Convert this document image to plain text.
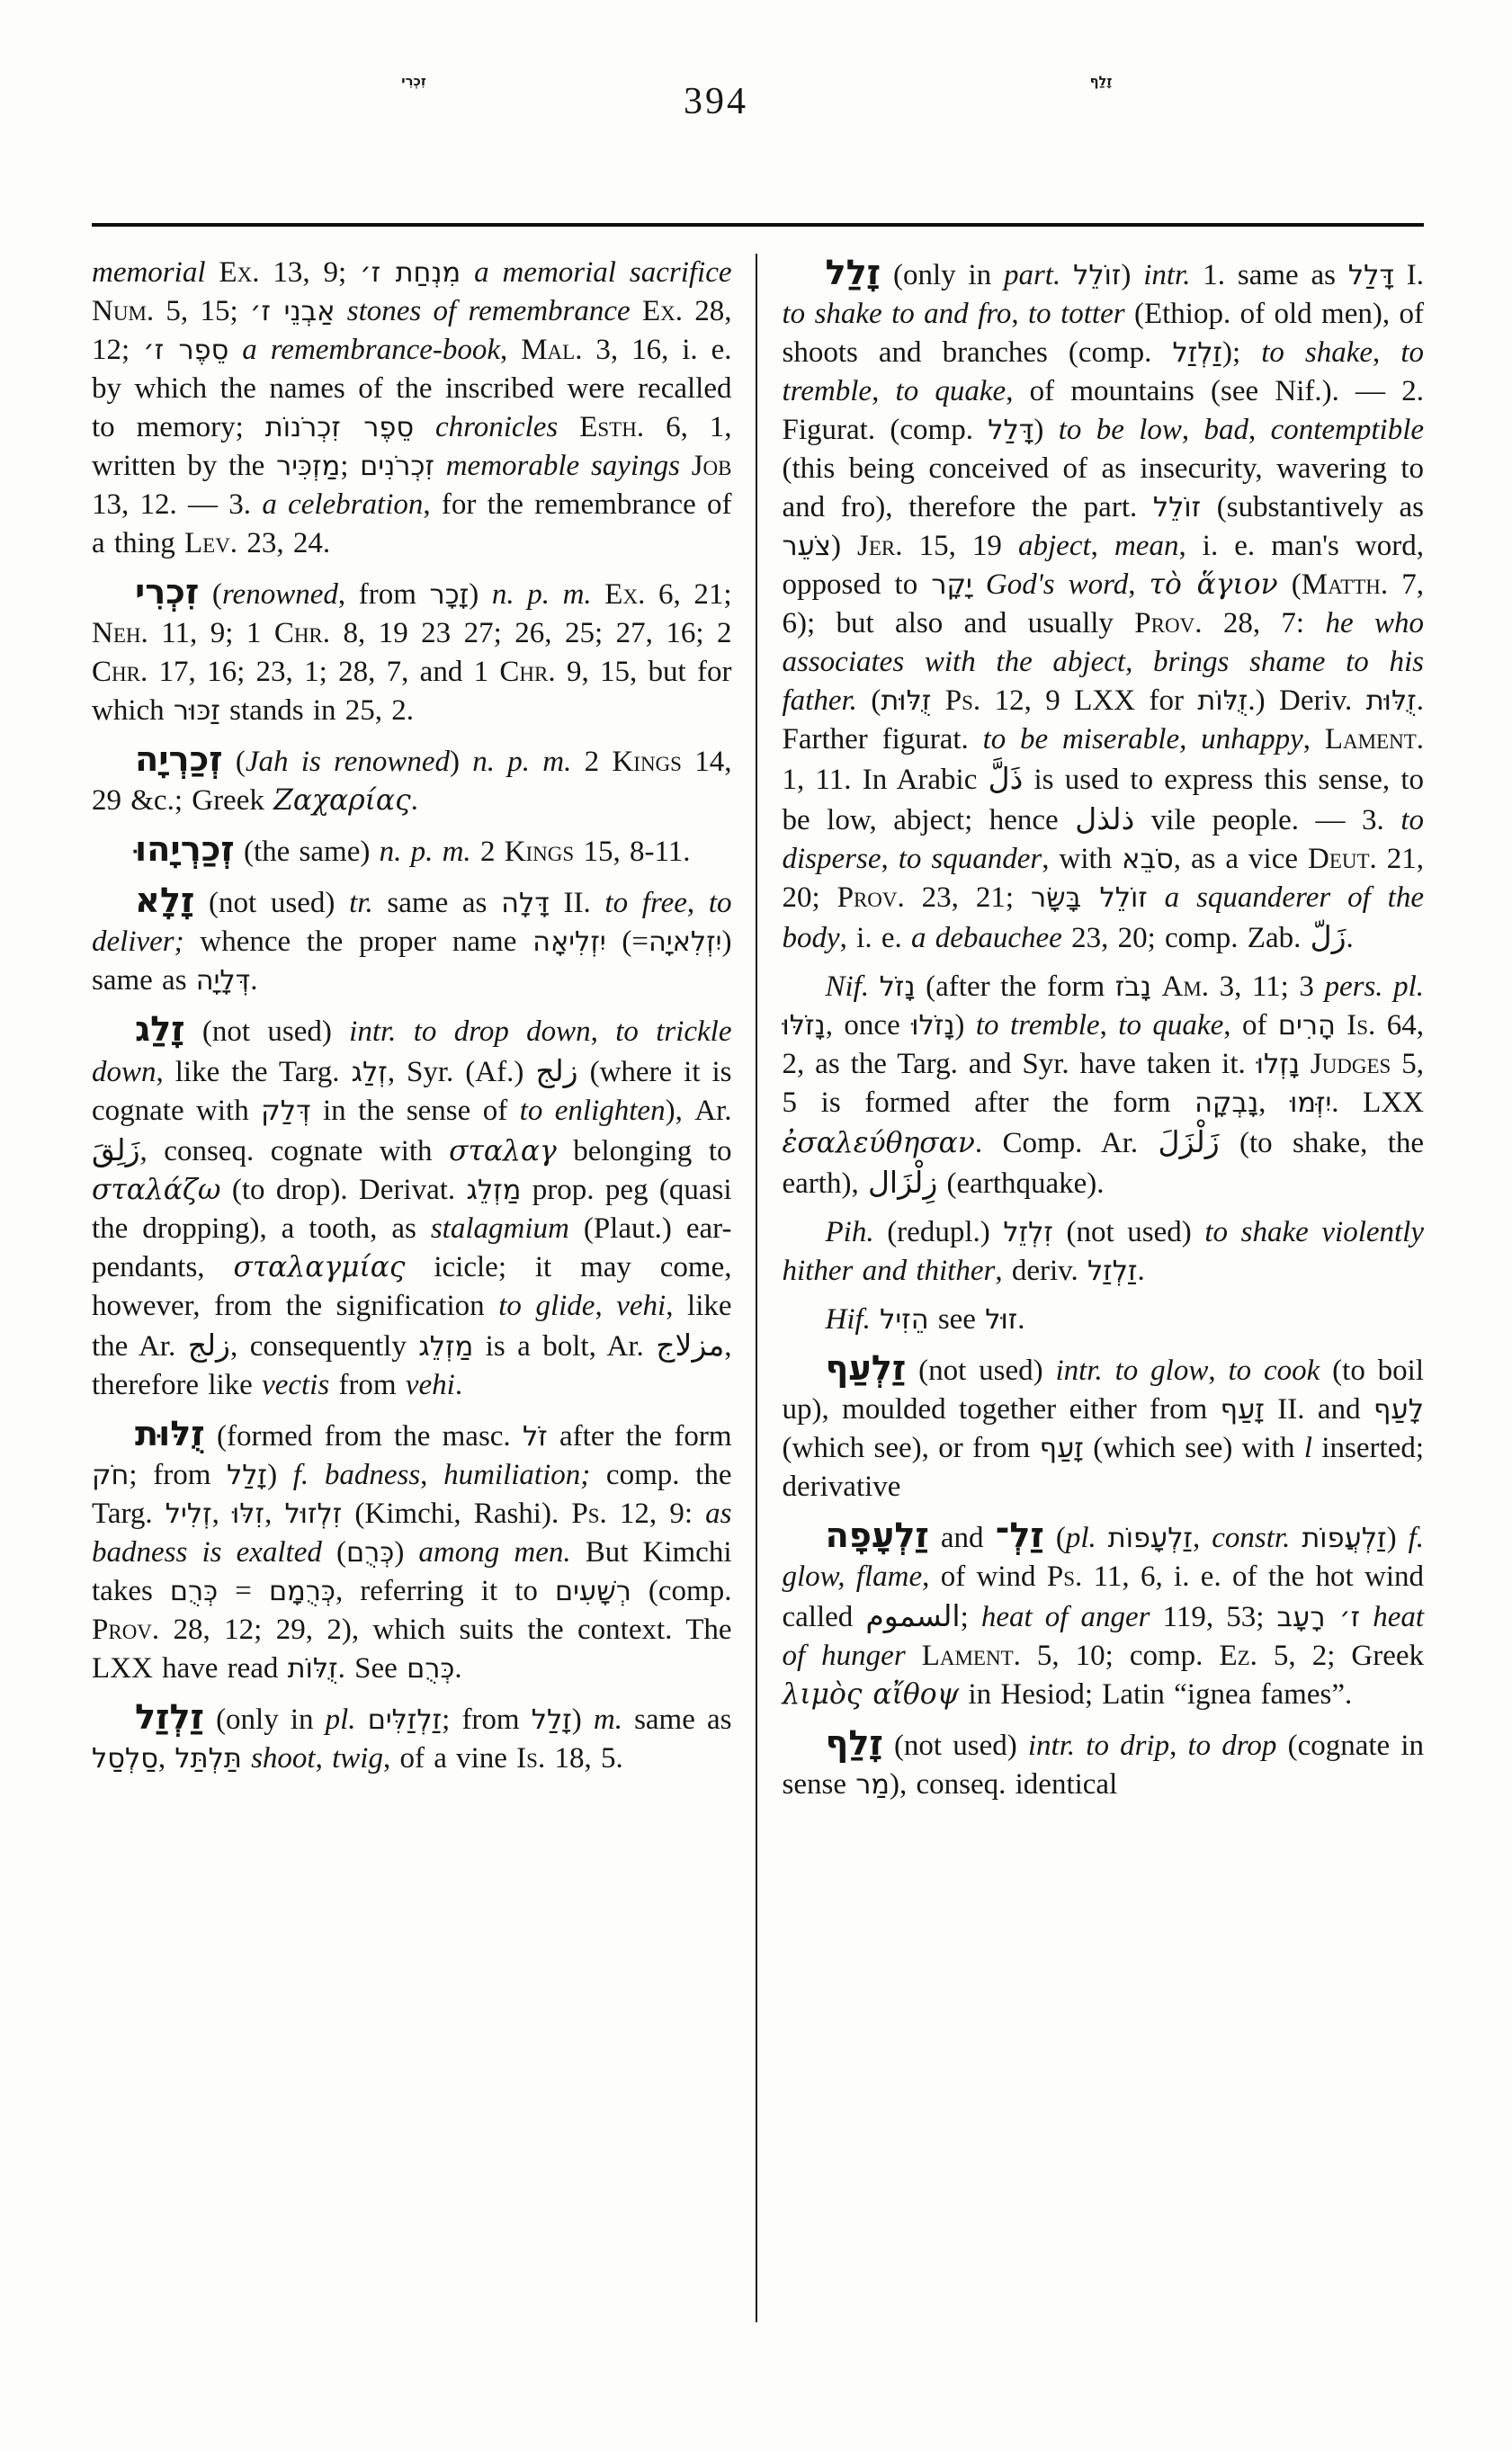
זִכְרִי	394	זָלַף

memorial Ex. 13, 9; מִנְחַת ז׳ a memorial sacrifice Num. 5, 15; אַבְנֵי ז׳ stones of remembrance Ex. 28, 12; סֵפֶר ז׳ a remembrance-book, Mal. 3, 16, i. e. by which the names of the inscribed were recalled to memory; סֵפֶר זִכְרֹנוֹת chronicles Esth. 6, 1, written by the מַזְכִּיר; זִכְרֹנִים memorable sayings Job 13, 12. — 3. a celebration, for the remembrance of a thing Lev. 23, 24.

זִכְרִי (renowned, from זָכָר) n. p. m. Ex. 6, 21; Neh. 11, 9; 1 Chr. 8, 19 23 27; 26, 25; 27, 16; 2 Chr. 17, 16; 23, 1; 28, 7, and 1 Chr. 9, 15, but for which זַכּוּר stands in 25, 2.

זְכַרְיָה (Jah is renowned) n. p. m. 2 Kings 14, 29 &c.; Greek Ζαχαρίας.

זְכַרְיָהוּ (the same) n. p. m. 2 Kings 15, 8-11.

זָלָא (not used) tr. same as דָּלָה II. to free, to deliver; whence the proper name יִזְלִיאָה (=יִזְלִאיָה) same as דְּלָיָה.

זָלַג (not used) intr. to drop down, to trickle down, like the Targ. זְלַג, Syr. (Af.) زلج (where it is cognate with דְּלַק in the sense of to enlighten), Ar. زَلِقَ, conseq. cognate with σταλαγ belonging to σταλάζω (to drop). Derivat. מַזְלֵג prop. peg (quasi the dropping), a tooth, as stalagmium (Plaut.) ear-pendants, σταλαγμίας icicle; it may come, however, from the signification to glide, vehi, like the Ar. زلج, consequently מַזְלֵג is a bolt, Ar. مزلاج, therefore like vectis from vehi.

זֻלּוּת (formed from the masc. זֹל after the form חֹק; from זָלַל) f. badness, humiliation; comp. the Targ. זְלִיל, זִלּוּ, זִלְזוּל (Kimchi, Rashi). Ps. 12, 9: as badness is exalted (כְּרֻם) among men. But Kimchi takes כְּרֻם = כְּרֻמָם, referring it to רְשָׁעִים (comp. Prov. 28, 12; 29, 2), which suits the context. The LXX have read זֻלּוֹת. See כְּרֻם.

זַלְזַל (only in pl. זַלְזַלִּים; from זָלַל) m. same as סַלְסַל, תַּלְתַּל shoot, twig, of a vine Is. 18, 5.

זָלַל (only in part. זוֹלֵל) intr. 1. same as דָּלַל I. to shake to and fro, to totter (Ethiop. of old men), of shoots and branches (comp. זַלְזַל); to shake, to tremble, to quake, of mountains (see Nif.). — 2. Figurat. (comp. דָּלַל) to be low, bad, contemptible (this being conceived of as insecurity, wavering to and fro), therefore the part. זוֹלֵל (substantively as צֹעֵר) Jer. 15, 19 abject, mean, i. e. man's word, opposed to יָקָר God's word, τὸ ἅγιον (Matth. 7, 6); but also and usually Prov. 28, 7: he who associates with the abject, brings shame to his father. (זֻלּוּת Ps. 12, 9 LXX for זֻלּוֹת.) Deriv. זֻלּוּת. Farther figurat. to be miserable, unhappy, Lament. 1, 11. In Arabic ذَلَّ is used to express this sense, to be low, abject; hence ذلذل vile people. — 3. to disperse, to squander, with סֹבֵא, as a vice Deut. 21, 20; Prov. 23, 21; זוֹלֵל בָּשָׂר a squanderer of the body, i. e. a debauchee 23, 20; comp. Zab. زَلّ.

Nif. נָזֹל (after the form נָבֹז Am. 3, 11; 3 pers. pl. נָזֹלּוּ, once נָזֹלוּ) to tremble, to quake, of הָרִים Is. 64, 2, as the Targ. and Syr. have taken it. נָזְלוּ Judges 5, 5 is formed after the form נָבְקָה, יִזְּמוּ. LXX ἐσαλεύθησαν. Comp. Ar. زَلْزَلَ (to shake, the earth), زِلْزَال (earthquake).

Pih. (redupl.) זִלְזֵל (not used) to shake violently hither and thither, deriv. זַלְזַל.

Hif. הֵזִיל see זוּל.

זַלְעַף (not used) intr. to glow, to cook (to boil up), moulded together either from זָעַף II. and לָעַף (which see), or from זָעַף (which see) with l inserted; derivative

זַלְעָפָה and זַלְ־ (pl. זַלְעָפוֹת, constr. זַלְעֲפוֹת) f. glow, flame, of wind Ps. 11, 6, i. e. of the hot wind called السموم; heat of anger 119, 53; ז׳ רָעָב heat of hunger Lament. 5, 10; comp. Ez. 5, 2; Greek λιμὸς αἴθοψ in Hesiod; Latin “ignea fames”.

זָלַף (not used) intr. to drip, to drop (cognate in sense מַר), conseq. identical
